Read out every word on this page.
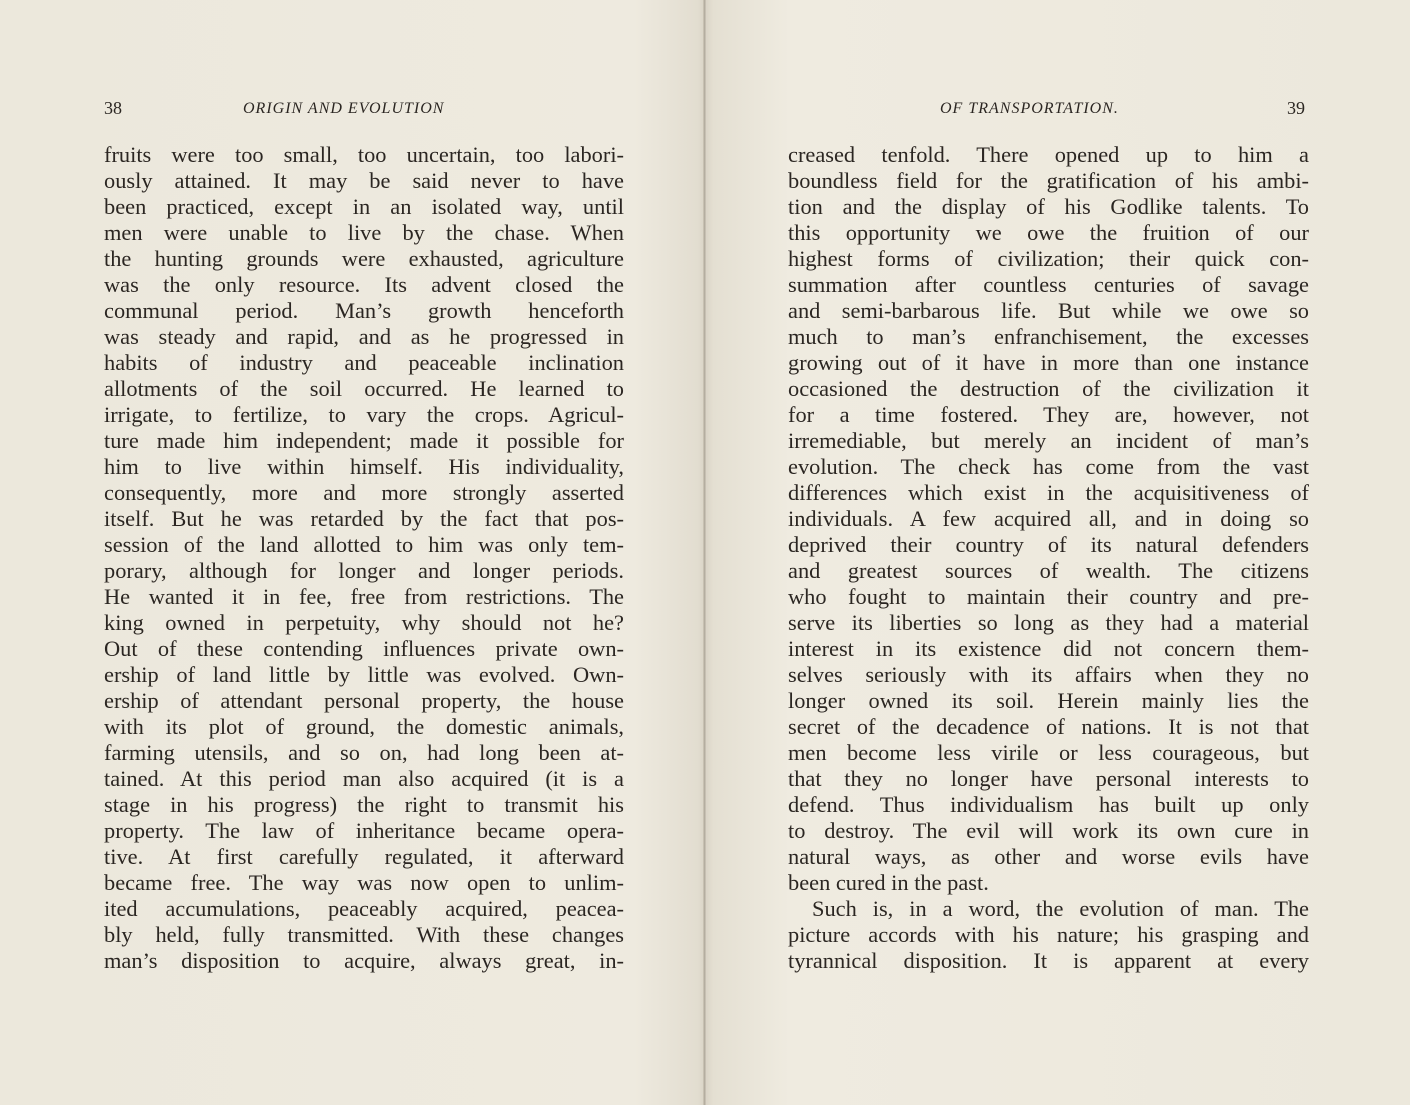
38	ORIGIN AND EVOLUTION
fruits were too small, too uncertain, too labori-
ously attained. It may be said never to have
been practiced, except in an isolated way, until
men were unable to live by the chase. When
the hunting grounds were exhausted, agriculture
was the only resource. Its advent closed the
communal period. Man’s growth henceforth
was steady and rapid, and as he progressed in
habits of industry and peaceable inclination
allotments of the soil occurred. He learned to
irrigate, to fertilize, to vary the crops. Agricul-
ture made him independent; made it possible for
him to live within himself. His individuality,
consequently, more and more strongly asserted
itself. But he was retarded by the fact that pos-
session of the land allotted to him was only tem-
porary, although for longer and longer periods.
He wanted it in fee, free from restrictions. The
king owned in perpetuity, why should not he?
Out of these contending influences private own-
ership of land little by little was evolved. Own-
ership of attendant personal property, the house
with its plot of ground, the domestic animals,
farming utensils, and so on, had long been at-
tained. At this period man also acquired (it is a
stage in his progress) the right to transmit his
property. The law of inheritance became opera-
tive. At first carefully regulated, it afterward
became free. The way was now open to unlim-
ited accumulations, peaceably acquired, peacea-
bly held, fully transmitted. With these changes
man’s disposition to acquire, always great, in-
OF TRANSPORTATION.	39
creased tenfold. There opened up to him a
boundless field for the gratification of his ambi-
tion and the display of his Godlike talents. To
this opportunity we owe the fruition of our
highest forms of civilization; their quick con-
summation after countless centuries of savage
and semi-barbarous life. But while we owe so
much to man’s enfranchisement, the excesses
growing out of it have in more than one instance
occasioned the destruction of the civilization it
for a time fostered. They are, however, not
irremediable, but merely an incident of man’s
evolution. The check has come from the vast
differences which exist in the acquisitiveness of
individuals. A few acquired all, and in doing so
deprived their country of its natural defenders
and greatest sources of wealth. The citizens
who fought to maintain their country and pre-
serve its liberties so long as they had a material
interest in its existence did not concern them-
selves seriously with its affairs when they no
longer owned its soil. Herein mainly lies the
secret of the decadence of nations. It is not that
men become less virile or less courageous, but
that they no longer have personal interests to
defend. Thus individualism has built up only
to destroy. The evil will work its own cure in
natural ways, as other and worse evils have
been cured in the past.
Such is, in a word, the evolution of man. The
picture accords with his nature; his grasping and
tyrannical disposition. It is apparent at every
